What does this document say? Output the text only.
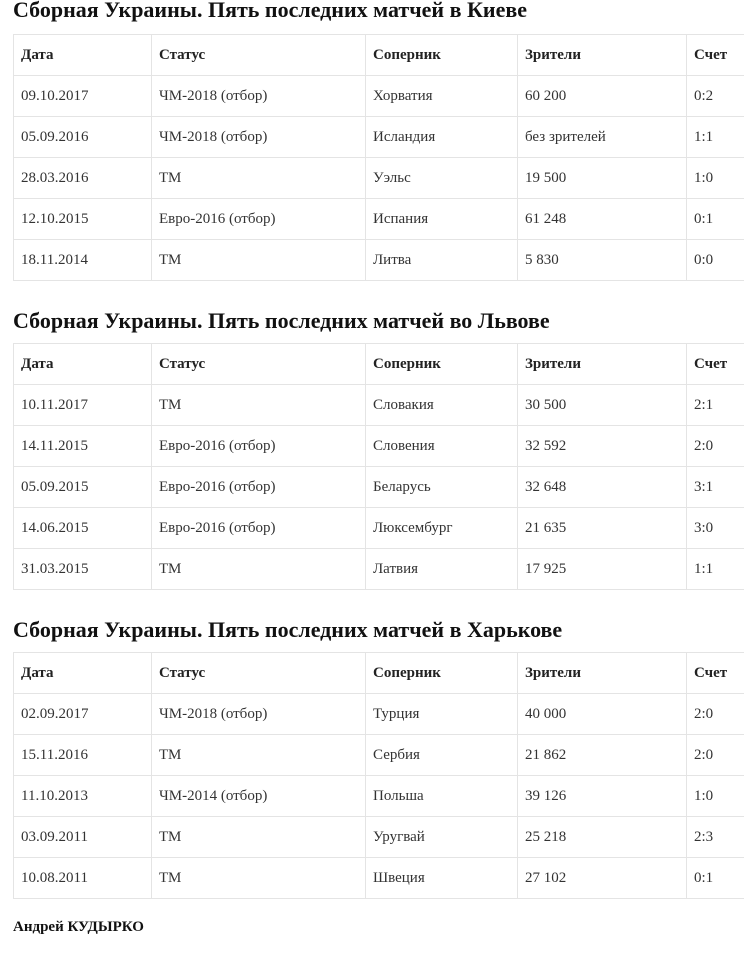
Сборная Украины. Пять последних матчей в Киеве
Дата	Статус	Соперник	Зрители	Счет
09.10.2017	ЧМ-2018 (отбор)	Хорватия	60 200	0:2
05.09.2016	ЧМ-2018 (отбор)	Исландия	без зрителей	1:1
28.03.2016	ТМ	Уэльс	19 500	1:0
12.10.2015	Евро-2016 (отбор)	Испания	61 248	0:1
18.11.2014	ТМ	Литва	5 830	0:0
Сборная Украины. Пять последних матчей во Львове
Дата	Статус	Соперник	Зрители	Счет
10.11.2017	ТМ	Словакия	30 500	2:1
14.11.2015	Евро-2016 (отбор)	Словения	32 592	2:0
05.09.2015	Евро-2016 (отбор)	Беларусь	32 648	3:1
14.06.2015	Евро-2016 (отбор)	Люксембург	21 635	3:0
31.03.2015	ТМ	Латвия	17 925	1:1
Сборная Украины. Пять последних матчей в Харькове
Дата	Статус	Соперник	Зрители	Счет
02.09.2017	ЧМ-2018 (отбор)	Турция	40 000	2:0
15.11.2016	ТМ	Сербия	21 862	2:0
11.10.2013	ЧМ-2014 (отбор)	Польша	39 126	1:0
03.09.2011	ТМ	Уругвай	25 218	2:3
10.08.2011	ТМ	Швеция	27 102	0:1
Андрей КУДЫРКО
